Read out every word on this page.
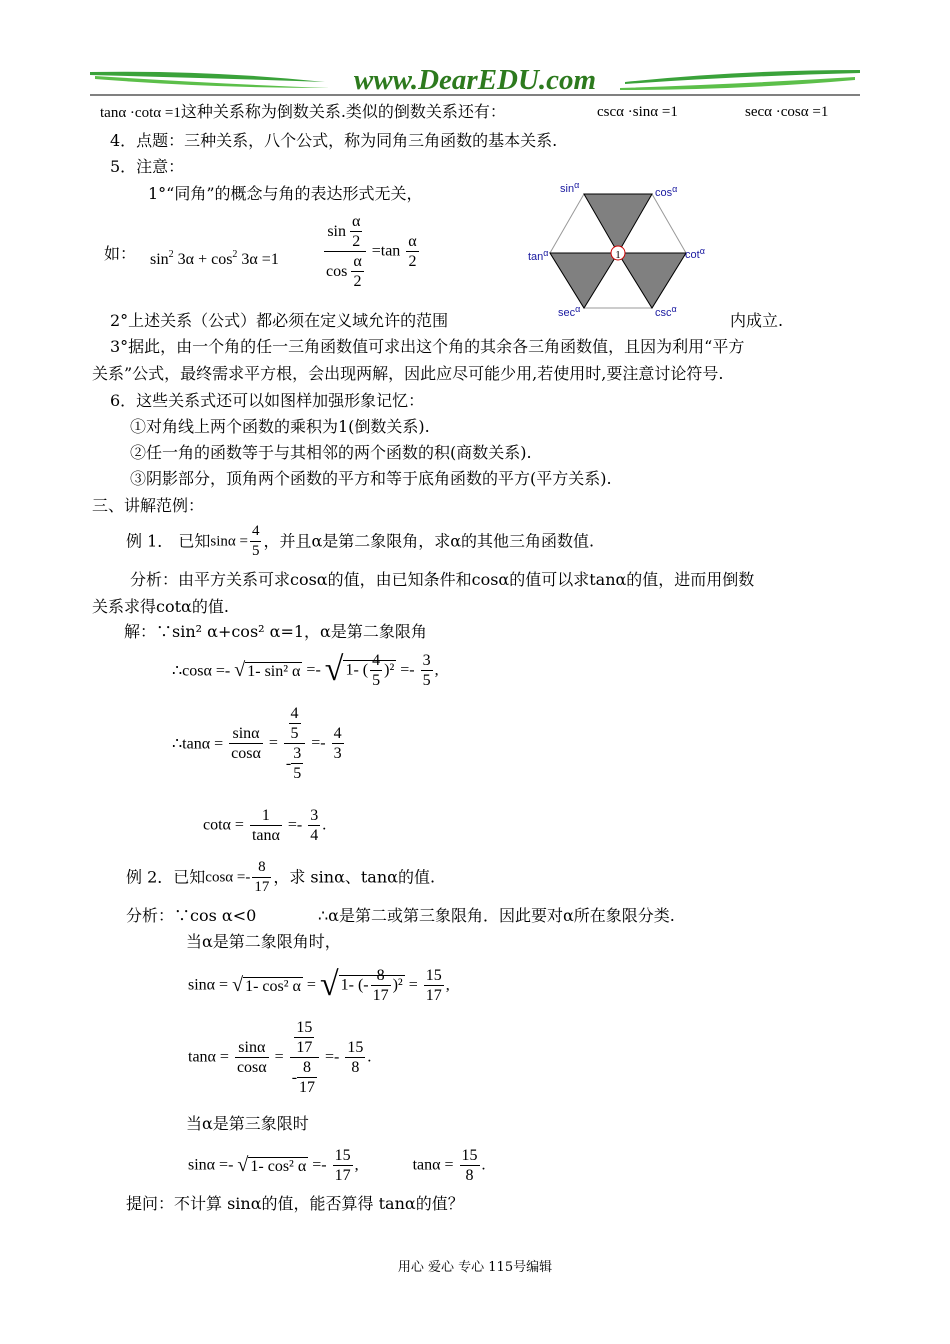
www.DearEDU.com
tanα ·cotα =1这种关系称为倒数关系.类似的倒数关系还有：	cscα ·sinα =1	secα ·cosα =1
4．点题：三种关系，八个公式，称为同角三角函数的基本关系.
5．注意：
1°“同角”的概念与角的表达形式无关，
如： $\sin^2 3\alpha + \cos^2 3\alpha =1$	$\frac{\sin \frac{\alpha}{2}}{\cos \frac{\alpha}{2}} =\tan \frac{\alpha}{2}$	1
$\sin^\alpha$
$\cos^\alpha$
$\tan^\alpha$	$\cot^\alpha$
$\sec^\alpha$	$\csc^\alpha$
2°上述关系（公式）都必须在定义域允许的范围	内成立.
3°据此，由一个角的任一三角函数值可求出这个角的其余各三角函数值，且因为利用“平方
关系”公式，最终需求平方根，会出现两解，因此应尽可能少用,若使用时,要注意讨论符号.
6．这些关系式还可以如图样加强形象记忆：
①对角线上两个函数的乘积为1(倒数关系).
②任一角的函数等于与其相邻的两个函数的积(商数关系).
③阴影部分，顶角两个函数的平方和等于底角函数的平方(平方关系).
三、讲解范例：
例 1． 已知$\sin\alpha = \frac{4}{5}$ ，并且α是第二象限角，求α的其他三角函数值.
分析：由平方关系可求cosα的值，由已知条件和cosα的值可以求tanα的值，进而用倒数
关系求得cotα的值.
解：∵sin² α+cos² α=1，α是第二象限角
∴cosα =- √ 1- sin² α =- √ 1- ( $\frac{4}{5} )^2 =- \frac{3}{5}$ ,
∴tanα = $\frac{\sin\alpha}{\cos\alpha} = \frac{\frac{4}{5}}{- \frac{3}{5}} =- \frac{4}{3}$
$\cot\alpha = \frac{1}{\tan\alpha} =- \frac{3}{4}$ .
例 2．已知$\cos\alpha =- \frac{8}{17}$ ，求 sinα、tanα的值.
分析：∵cos α<0	∴α是第二或第三象限角．因此要对α所在象限分类.
当α是第二象限角时，
sinα = √ 1- cos² α = √ 1- (- $\frac{8}{17} )^2 = \frac{15}{17}$ ,
$\tan\alpha = \frac{\sin\alpha}{\cos\alpha} = \frac{\frac{15}{17}}{- \frac{8}{17}} =- \frac{15}{8}$ .
当α是第三象限时
sinα =- √ 1- cos² $\alpha =- \frac{15}{17}$ ,	$\tan\alpha = \frac{15}{8}$ .
提问：不计算 sinα的值，能否算得 tanα的值？
用心 爱心 专心 115号编辑
